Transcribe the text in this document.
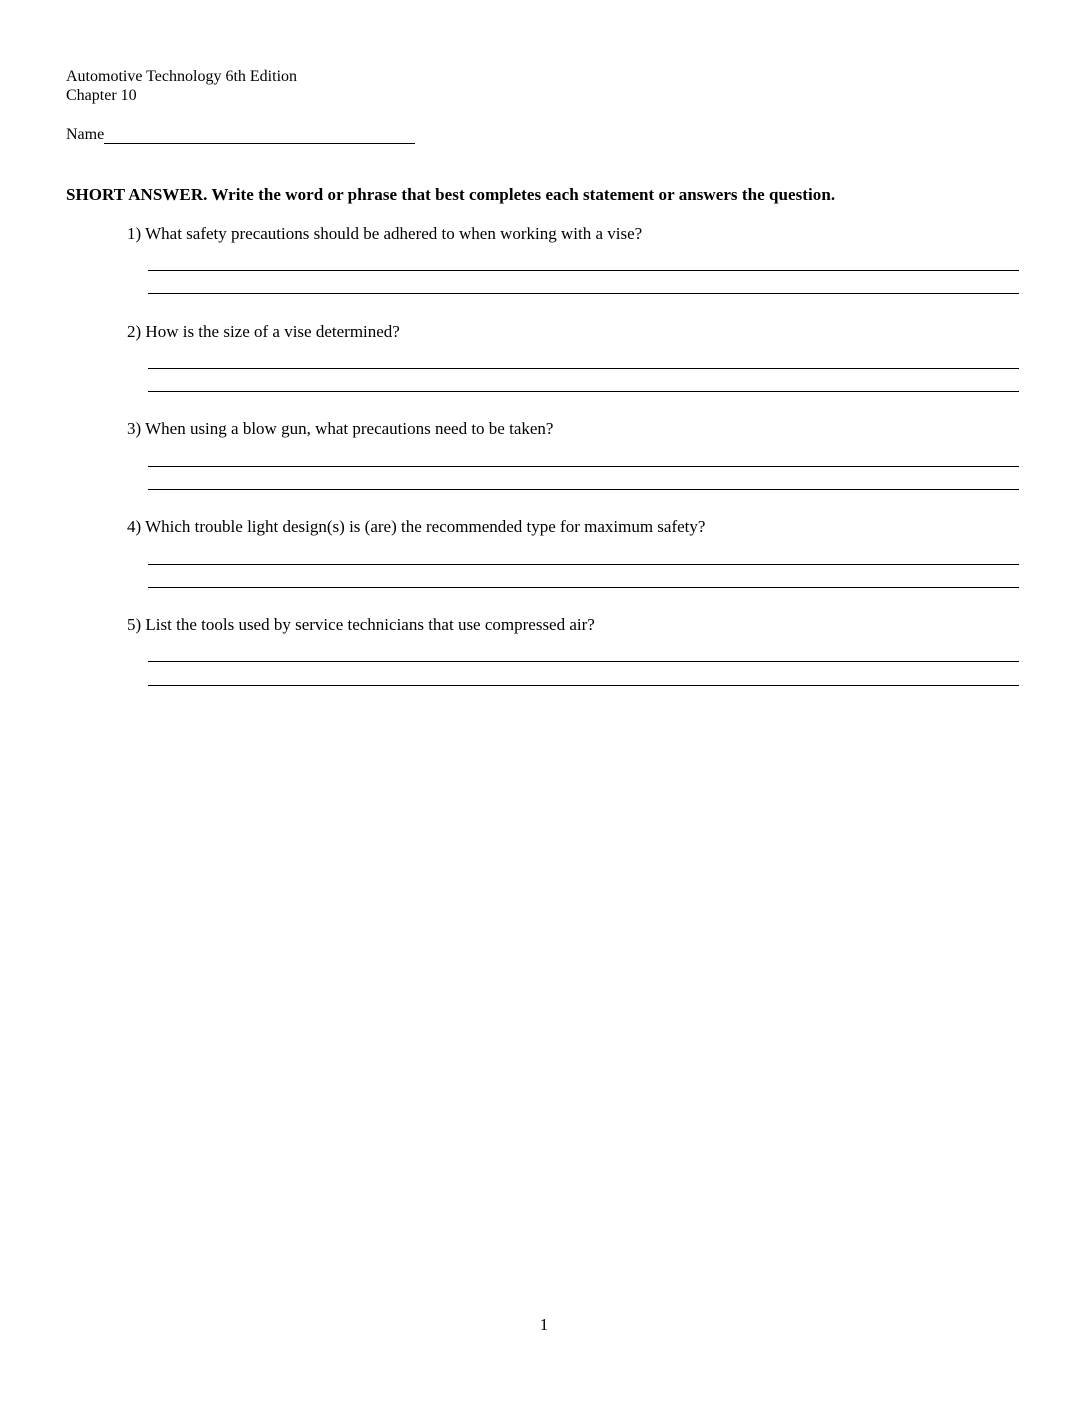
Automotive Technology 6th Edition
Chapter 10
Name
SHORT ANSWER. Write the word or phrase that best completes each statement or answers the question.
1) What safety precautions should be adhered to when working with a vise?
2) How is the size of a vise determined?
3) When using a blow gun, what precautions need to be taken?
4) Which trouble light design(s) is (are) the recommended type for maximum safety?
5) List the tools used by service technicians that use compressed air?
1
